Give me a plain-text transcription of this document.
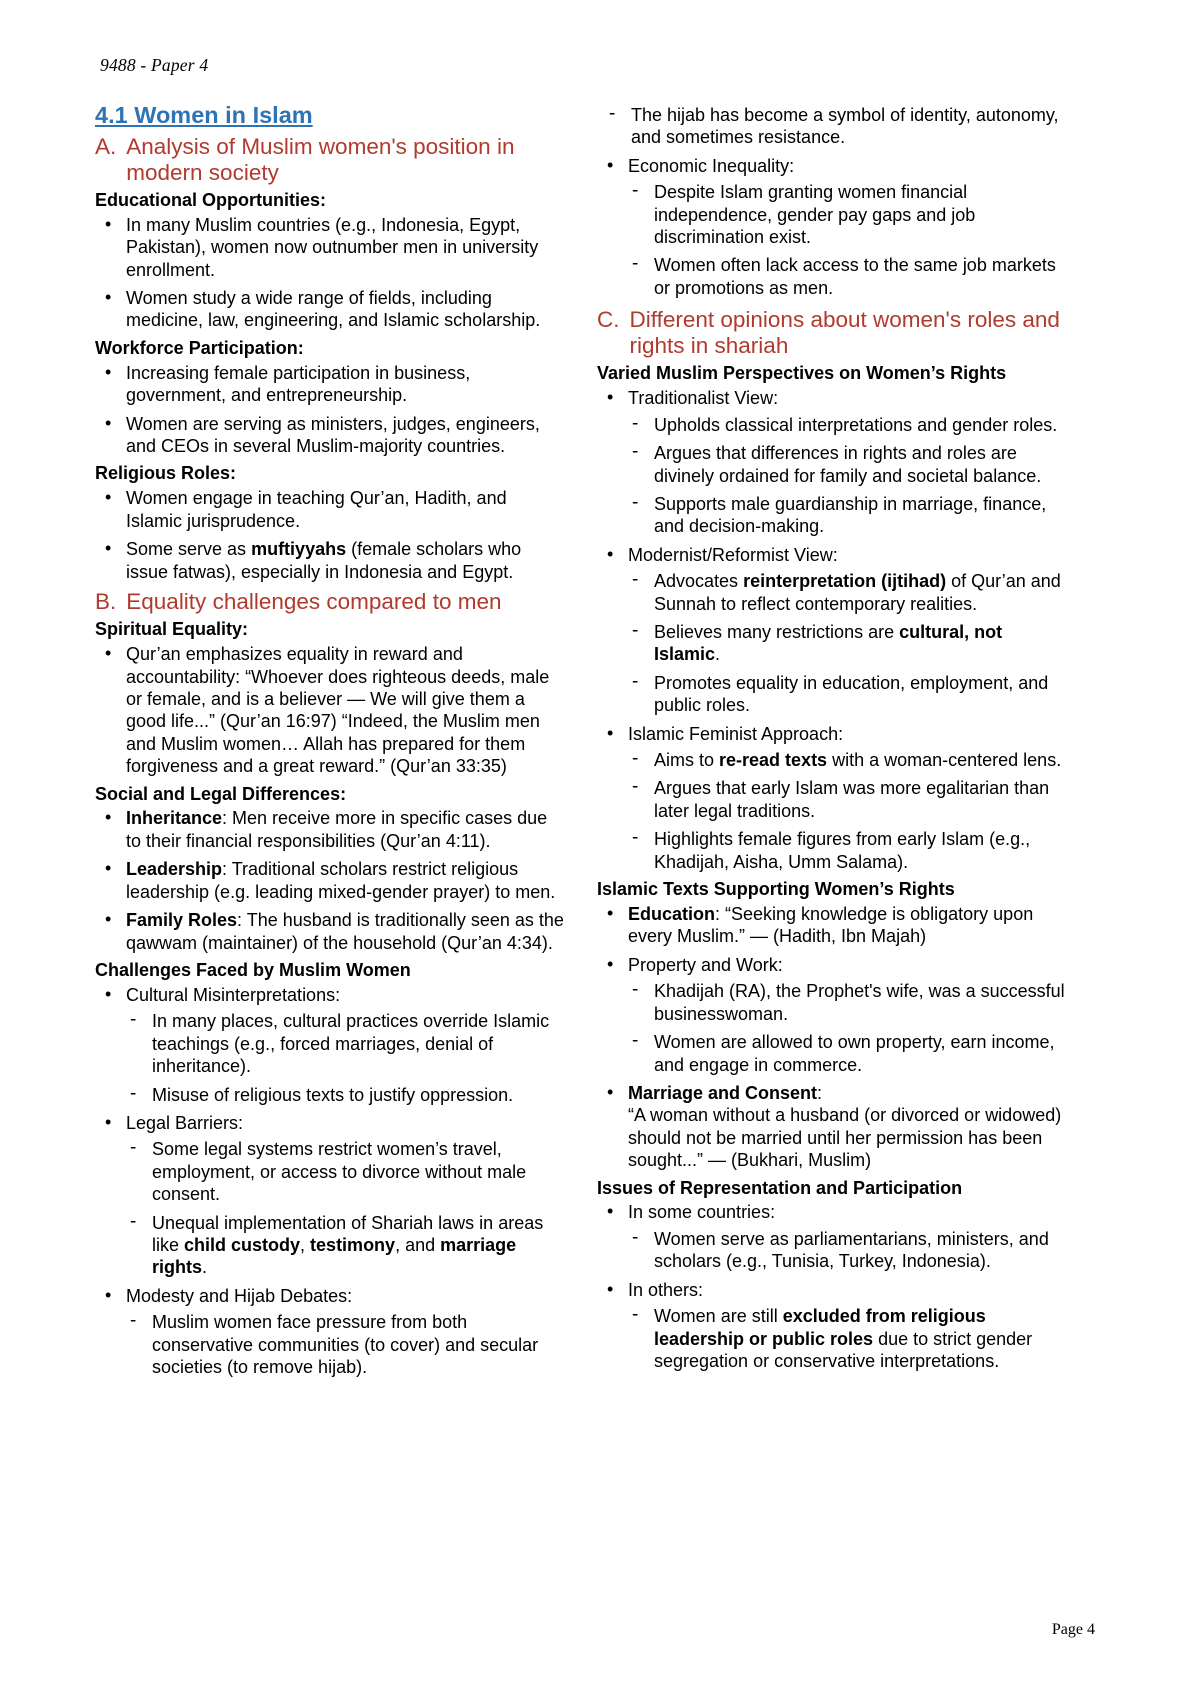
9488 - Paper 4
4.1 Women in Islam
A. Analysis of Muslim women's position in modern society
Educational Opportunities:
• In many Muslim countries (e.g., Indonesia, Egypt, Pakistan), women now outnumber men in university enrollment.
• Women study a wide range of fields, including medicine, law, engineering, and Islamic scholarship.
Workforce Participation:
• Increasing female participation in business, government, and entrepreneurship.
• Women are serving as ministers, judges, engineers, and CEOs in several Muslim-majority countries.
Religious Roles:
• Women engage in teaching Qur’an, Hadith, and Islamic jurisprudence.
• Some serve as muftiyyahs (female scholars who issue fatwas), especially in Indonesia and Egypt.
B. Equality challenges compared to men
Spiritual Equality:
• Qur’an emphasizes equality in reward and accountability: “Whoever does righteous deeds, male or female, and is a believer — We will give them a good life...” (Qur’an 16:97) “Indeed, the Muslim men and Muslim women… Allah has prepared for them forgiveness and a great reward.” (Qur’an 33:35)
Social and Legal Differences:
• Inheritance: Men receive more in specific cases due to their financial responsibilities (Qur’an 4:11).
• Leadership: Traditional scholars restrict religious leadership (e.g. leading mixed-gender prayer) to men.
• Family Roles: The husband is traditionally seen as the qawwam (maintainer) of the household (Qur’an 4:34).
Challenges Faced by Muslim Women
• Cultural Misinterpretations:
‐ In many places, cultural practices override Islamic teachings (e.g., forced marriages, denial of inheritance).
‐ Misuse of religious texts to justify oppression.
• Legal Barriers:
‐ Some legal systems restrict women’s travel, employment, or access to divorce without male consent.
‐ Unequal implementation of Shariah laws in areas like child custody, testimony, and marriage rights.
• Modesty and Hijab Debates:
‐ Muslim women face pressure from both conservative communities (to cover) and secular societies (to remove hijab).
‐ The hijab has become a symbol of identity, autonomy, and sometimes resistance.
• Economic Inequality:
‐ Despite Islam granting women financial independence, gender pay gaps and job discrimination exist.
‐ Women often lack access to the same job markets or promotions as men.
C. Different opinions about women's roles and rights in shariah
Varied Muslim Perspectives on Women’s Rights
• Traditionalist View:
‐ Upholds classical interpretations and gender roles.
‐ Argues that differences in rights and roles are divinely ordained for family and societal balance.
‐ Supports male guardianship in marriage, finance, and decision-making.
• Modernist/Reformist View:
‐ Advocates reinterpretation (ijtihad) of Qur’an and Sunnah to reflect contemporary realities.
‐ Believes many restrictions are cultural, not Islamic.
‐ Promotes equality in education, employment, and public roles.
• Islamic Feminist Approach:
‐ Aims to re-read texts with a woman-centered lens.
‐ Argues that early Islam was more egalitarian than later legal traditions.
‐ Highlights female figures from early Islam (e.g., Khadijah, Aisha, Umm Salama).
Islamic Texts Supporting Women’s Rights
• Education: “Seeking knowledge is obligatory upon every Muslim.” — (Hadith, Ibn Majah)
• Property and Work:
‐ Khadijah (RA), the Prophet's wife, was a successful businesswoman.
‐ Women are allowed to own property, earn income, and engage in commerce.
• Marriage and Consent:
“A woman without a husband (or divorced or widowed) should not be married until her permission has been sought...” — (Bukhari, Muslim)
Issues of Representation and Participation
• In some countries:
‐ Women serve as parliamentarians, ministers, and scholars (e.g., Tunisia, Turkey, Indonesia).
• In others:
‐ Women are still excluded from religious leadership or public roles due to strict gender segregation or conservative interpretations.
Page 4
